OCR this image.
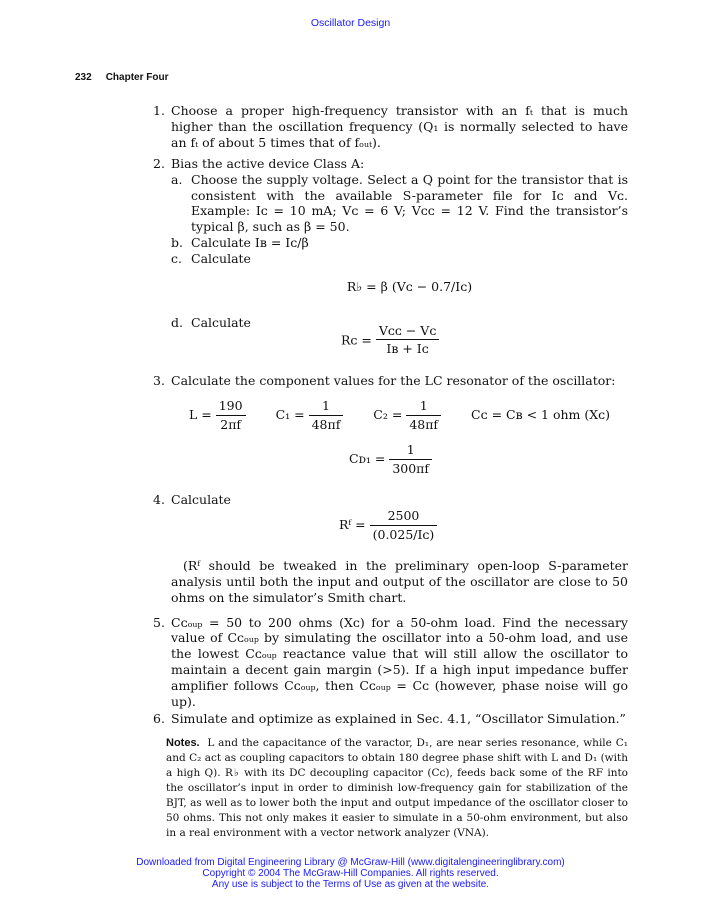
Oscillator Design
232 Chapter Four
1. Choose a proper high-frequency transistor with an fₜ that is much higher than the oscillation frequency (Q₁ is normally selected to have an fₜ of about 5 times that of fₒᵤₜ).
2. Bias the active device Class A:
a. Choose the supply voltage. Select a Q point for the transistor that is consistent with the available S-parameter file for Iᴄ and Vᴄ. Example: Iᴄ = 10 mA; Vᴄ = 6 V; Vᴄᴄ = 12 V. Find the transistor’s typical β, such as β = 50.
b. Calculate Iʙ = Iᴄ/β
c. Calculate
R♭ = β (Vᴄ − 0.7/Iᴄ)
d. Calculate
Rᴄ = $\frac{\text{Vᴄᴄ − Vᴄ}}{\text{Iʙ + Iᴄ}}$
3. Calculate the component values for the LC resonator of the oscillator:
$L = \frac{190}{2\pi f} C_1 = \frac{1}{48\pi f} C_2 = \frac{1}{48\pi f}$ Cᴄ = Cʙ < 1 ohm (Xᴄ)
Cᴅ₁ = $\frac{1}{300\pi f}$
4. Calculate
Rᶠ = $\frac{2500}{\text{(0.025/Iᴄ)}}$
(Rᶠ should be tweaked in the preliminary open-loop S-parameter analysis until both the input and output of the oscillator are close to 50 ohms on the simulator’s Smith chart.
5. Cᴄₒᵤₚ = 50 to 200 ohms (Xᴄ) for a 50-ohm load. Find the necessary value of Cᴄₒᵤₚ by simulating the oscillator into a 50-ohm load, and use the lowest Cᴄₒᵤₚ reactance value that will still allow the oscillator to maintain a decent gain margin (>5). If a high input impedance buffer amplifier follows Cᴄₒᵤₚ, then Cᴄₒᵤₚ = Cᴄ (however, phase noise will go up).
6. Simulate and optimize as explained in Sec. 4.1, “Oscillator Simulation.”
Notes. L and the capacitance of the varactor, D₁, are near series resonance, while C₁ and C₂ act as coupling capacitors to obtain 180 degree phase shift with L and D₁ (with a high Q). R♭ with its DC decoupling capacitor (Cᴄ), feeds back some of the RF into the oscillator’s input in order to diminish low-frequency gain for stabilization of the BJT, as well as to lower both the input and output impedance of the oscillator closer to 50 ohms. This not only makes it easier to simulate in a 50-ohm environment, but also in a real environment with a vector network analyzer (VNA).
Downloaded from Digital Engineering Library @ McGraw-Hill (www.digitalengineeringlibrary.com)
Copyright © 2004 The McGraw-Hill Companies. All rights reserved.
Any use is subject to the Terms of Use as given at the website.
